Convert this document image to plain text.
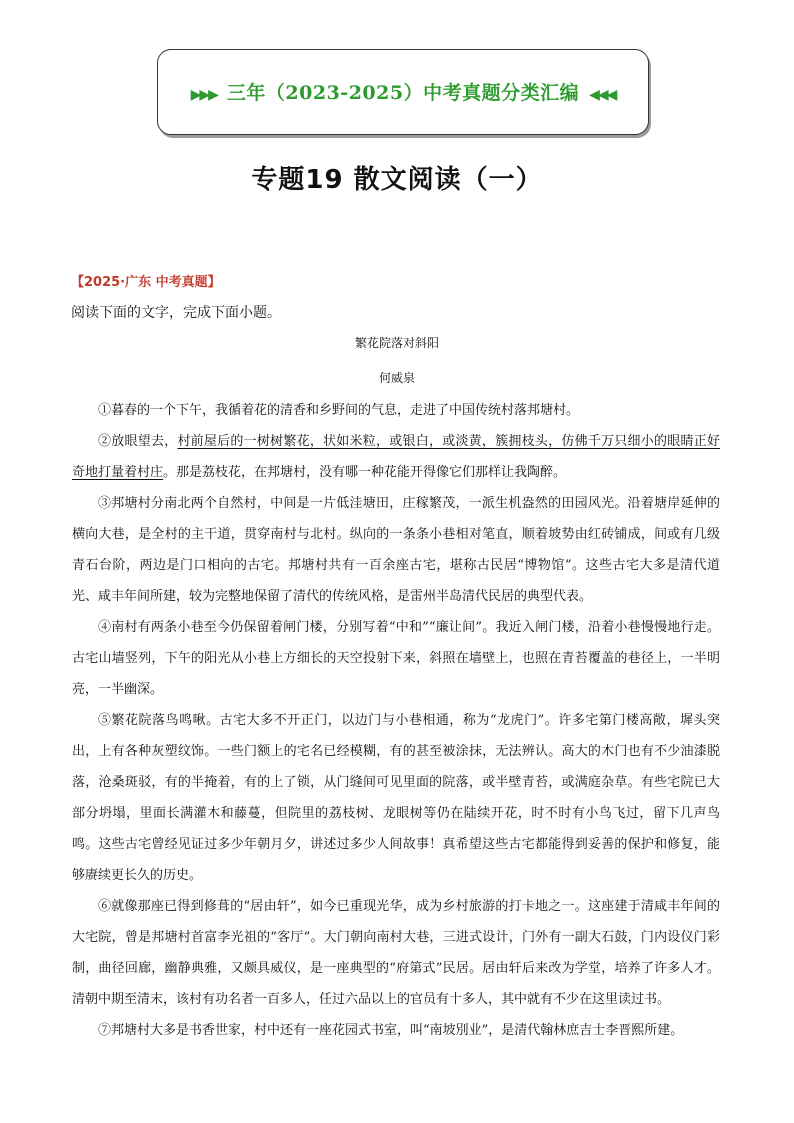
▶▶▶ 三年（2023-2025）中考真题分类汇编 ◀◀◀
专题19 散文阅读（一）
【2025·广东 中考真题】
阅读下面的文字，完成下面小题。
繁花院落对斜阳
何威泉

①暮春的一个下午，我循着花的清香和乡野间的气息，走进了中国传统村落邦塘村。

②放眼望去，村前屋后的一树树繁花，状如米粒，或银白，或淡黄，簇拥枝头，仿佛千万只细小的眼睛正好奇地打量着村庄。那是荔枝花，在邦塘村，没有哪一种花能开得像它们那样让我陶醉。

③邦塘村分南北两个自然村，中间是一片低洼塘田，庄稼繁茂，一派生机盎然的田园风光。沿着塘岸延伸的横向大巷，是全村的主干道，贯穿南村与北村。纵向的一条条小巷相对笔直，顺着坡势由红砖铺成，间或有几级青石台阶，两边是门口相向的古宅。邦塘村共有一百余座古宅，堪称古民居“博物馆”。这些古宅大多是清代道光、咸丰年间所建，较为完整地保留了清代的传统风格，是雷州半岛清代民居的典型代表。

④南村有两条小巷至今仍保留着闸门楼，分别写着“中和”“廉让间”。我近入闸门楼，沿着小巷慢慢地行走。古宅山墙竖列，下午的阳光从小巷上方细长的天空投射下来，斜照在墙壁上，也照在青苔覆盖的巷径上，一半明亮，一半幽深。

⑤繁花院落鸟鸣啾。古宅大多不开正门，以边门与小巷相通，称为“龙虎门”。许多宅第门楼高敞，墀头突出，上有各种灰塑纹饰。一些门额上的宅名已经模糊，有的甚至被涂抹，无法辨认。高大的木门也有不少油漆脱落，沧桑斑驳，有的半掩着，有的上了锁，从门缝间可见里面的院落，或半壁青苔，或满庭杂草。有些宅院已大部分坍塌，里面长满灌木和藤蔓，但院里的荔枝树、龙眼树等仍在陆续开花，时不时有小鸟飞过，留下几声鸟鸣。这些古宅曾经见证过多少年朝月夕，讲述过多少人间故事！真希望这些古宅都能得到妥善的保护和修复，能够赓续更长久的历史。

⑥就像那座已得到修葺的“居由轩”，如今已重现光华，成为乡村旅游的打卡地之一。这座建于清咸丰年间的大宅院，曾是邦塘村首富李光祖的“客厅”。大门朝向南村大巷，三进式设计，门外有一副大石鼓，门内设仪门彩制，曲径回廊，幽静典雅，又颇具威仪，是一座典型的“府第式”民居。居由轩后来改为学堂，培养了许多人才。清朝中期至清末，该村有功名者一百多人，任过六品以上的官员有十多人，其中就有不少在这里读过书。

⑦邦塘村大多是书香世家，村中还有一座花园式书室，叫“南坡別业”，是清代翰林庶吉士李晋熙所建。
